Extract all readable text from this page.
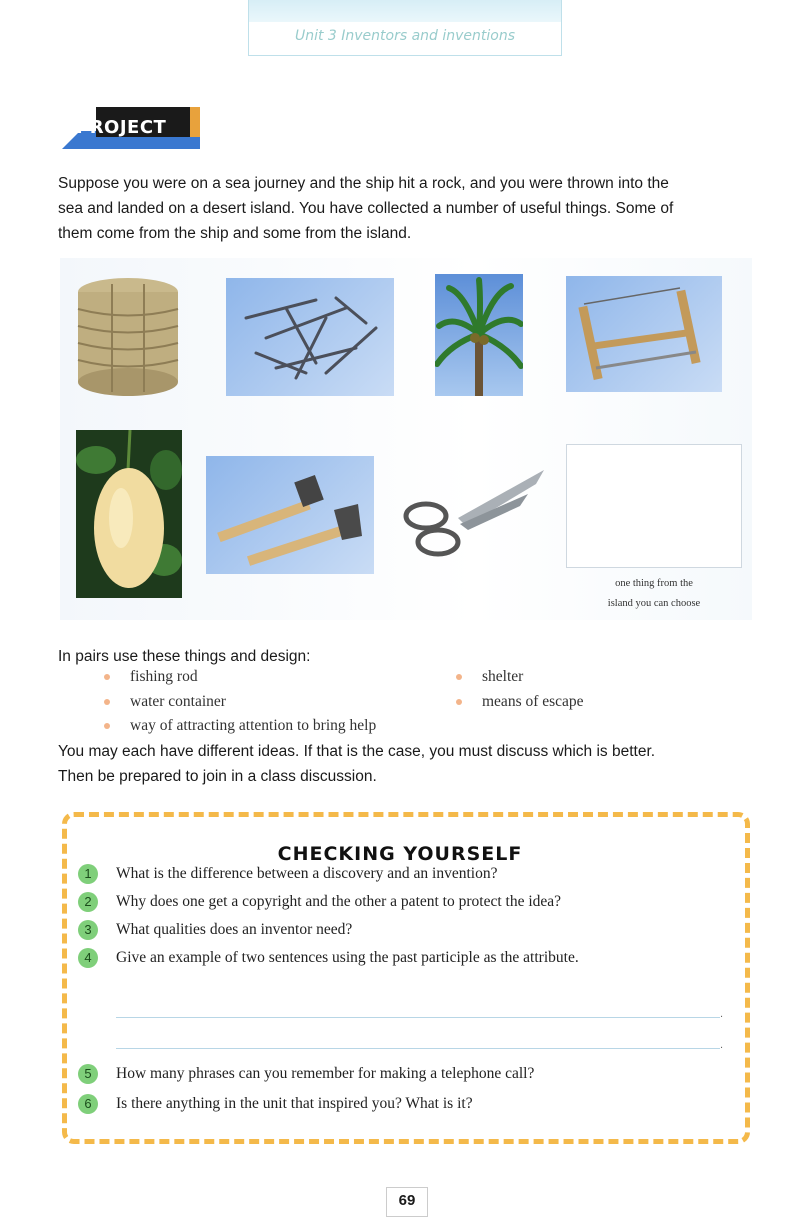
Unit 3 Inventors and inventions
PROJECT
Suppose you were on a sea journey and the ship hit a rock, and you were thrown into the
sea and landed on a desert island. You have collected a number of useful things. Some of
them come from the ship and some from the island.
one thing from the
island you can choose
In pairs use these things and design:
fishing rod
water container
way of attracting attention to bring help
shelter
means of escape
You may each have different ideas. If that is the case, you must discuss which is better.
Then be prepared to join in a class discussion.
CHECKING YOURSELF
1	What is the difference between a discovery and an invention?
2	Why does one get a copyright and the other a patent to protect the idea?
3	What qualities does an inventor need?
4	Give an example of two sentences using the past participle as the attribute.
.
.
5	How many phrases can you remember for making a telephone call?
6	Is there anything in the unit that inspired you? What is it?
69
